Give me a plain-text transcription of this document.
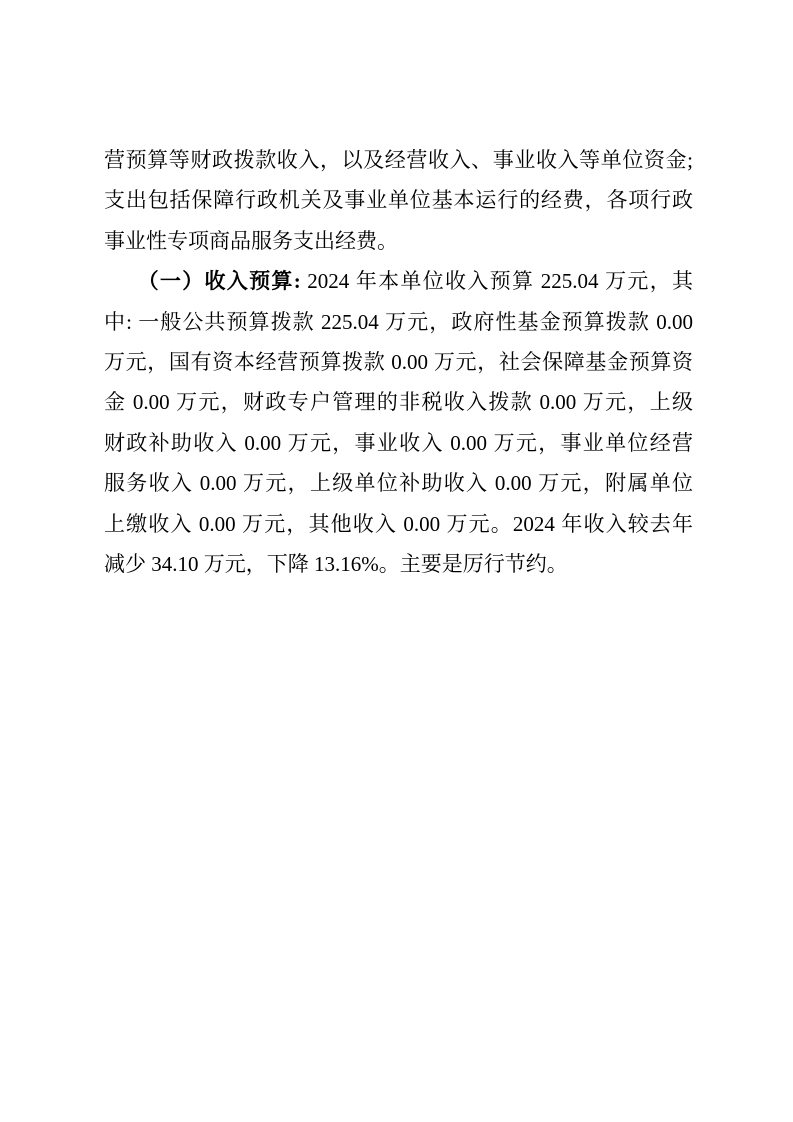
营预算等财政拨款收入，以及经营收入、事业收入等单位资金;

支出包括保障行政机关及事业单位基本运行的经费，各项行政

事业性专项商品服务支出经费。

（一）收入预算: 2024 年本单位收入预算 225.04 万元，其

中: 一般公共预算拨款 225.04 万元，政府性基金预算拨款 0.00

万元，国有资本经营预算拨款 0.00 万元，社会保障基金预算资

金 0.00 万元，财政专户管理的非税收入拨款 0.00 万元，上级

财政补助收入 0.00 万元，事业收入 0.00 万元，事业单位经营

服务收入 0.00 万元，上级单位补助收入 0.00 万元，附属单位

上缴收入 0.00 万元，其他收入 0.00 万元。2024 年收入较去年

减少 34.10 万元，下降 13.16%。主要是厉行节约。
